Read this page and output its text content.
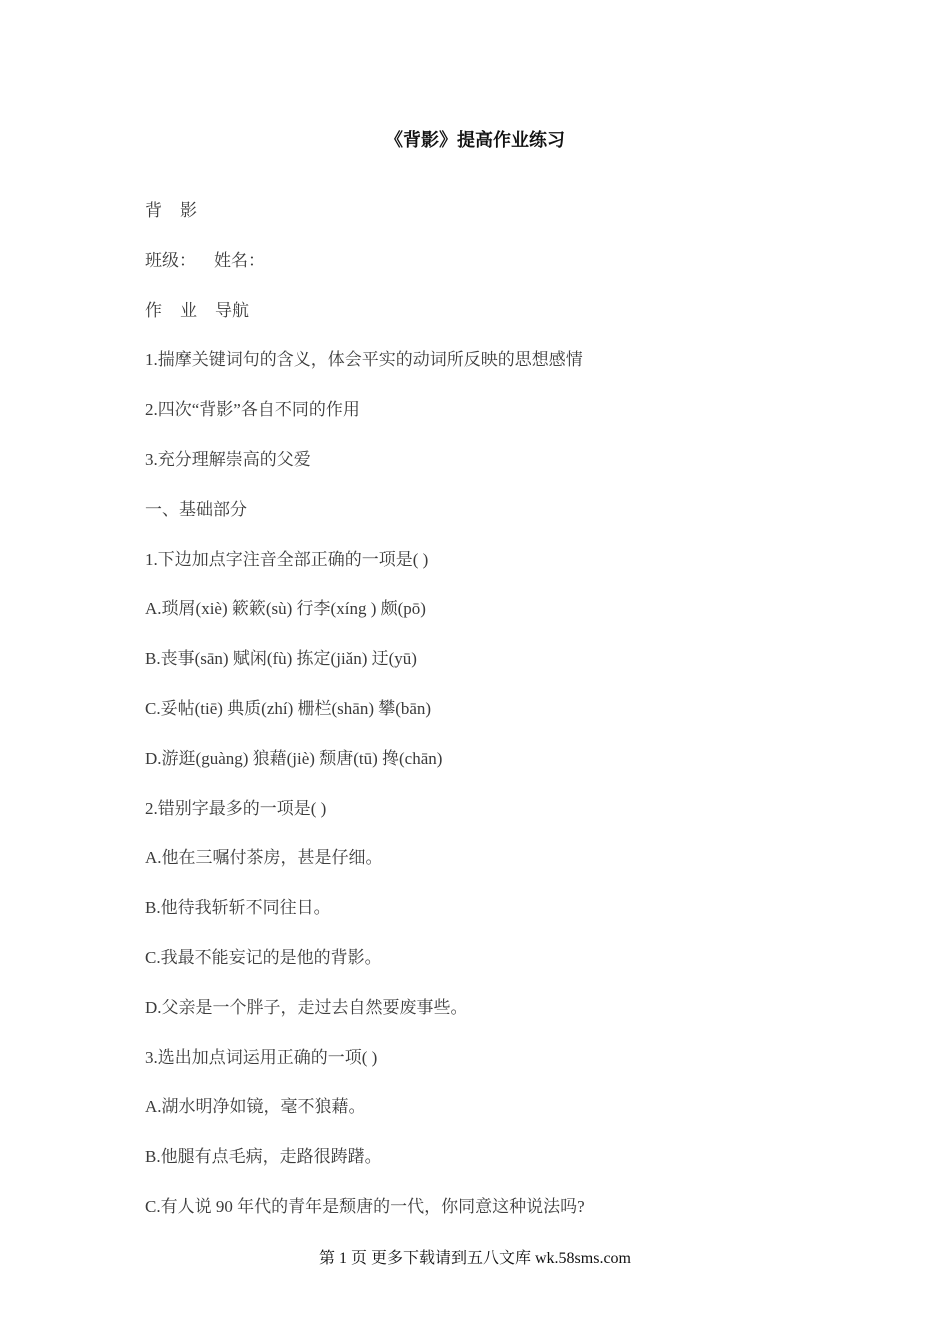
《背影》提高作业练习
背 影
班级： 姓名：
作 业 导航
1.揣摩关键词句的含义，体会平实的动词所反映的思想感情
2.四次“背影”各自不同的作用
3.充分理解崇高的父爱
一、基础部分
1.下边加点字注音全部正确的一项是( )
A.琐屑(xiè) 簌簌(sù) 行李(xíng ) 颇(pō)
B.丧事(sān) 赋闲(fù) 拣定(jiǎn) 迂(yū)
C.妥帖(tiē) 典质(zhí) 栅栏(shān) 攀(bān)
D.游逛(guàng) 狼藉(jiè) 颓唐(tū) 搀(chān)
2.错别字最多的一项是( )
A.他在三嘱付茶房，甚是仔细。
B.他待我斩斩不同往日。
C.我最不能妄记的是他的背影。
D.父亲是一个胖子，走过去自然要废事些。
3.选出加点词运用正确的一项( )
A.湖水明净如镜，毫不狼藉。
B.他腿有点毛病，走路很踌躇。
C.有人说 90 年代的青年是颓唐的一代，你同意这种说法吗?
第 1 页 更多下载请到五八文库 wk.58sms.com
